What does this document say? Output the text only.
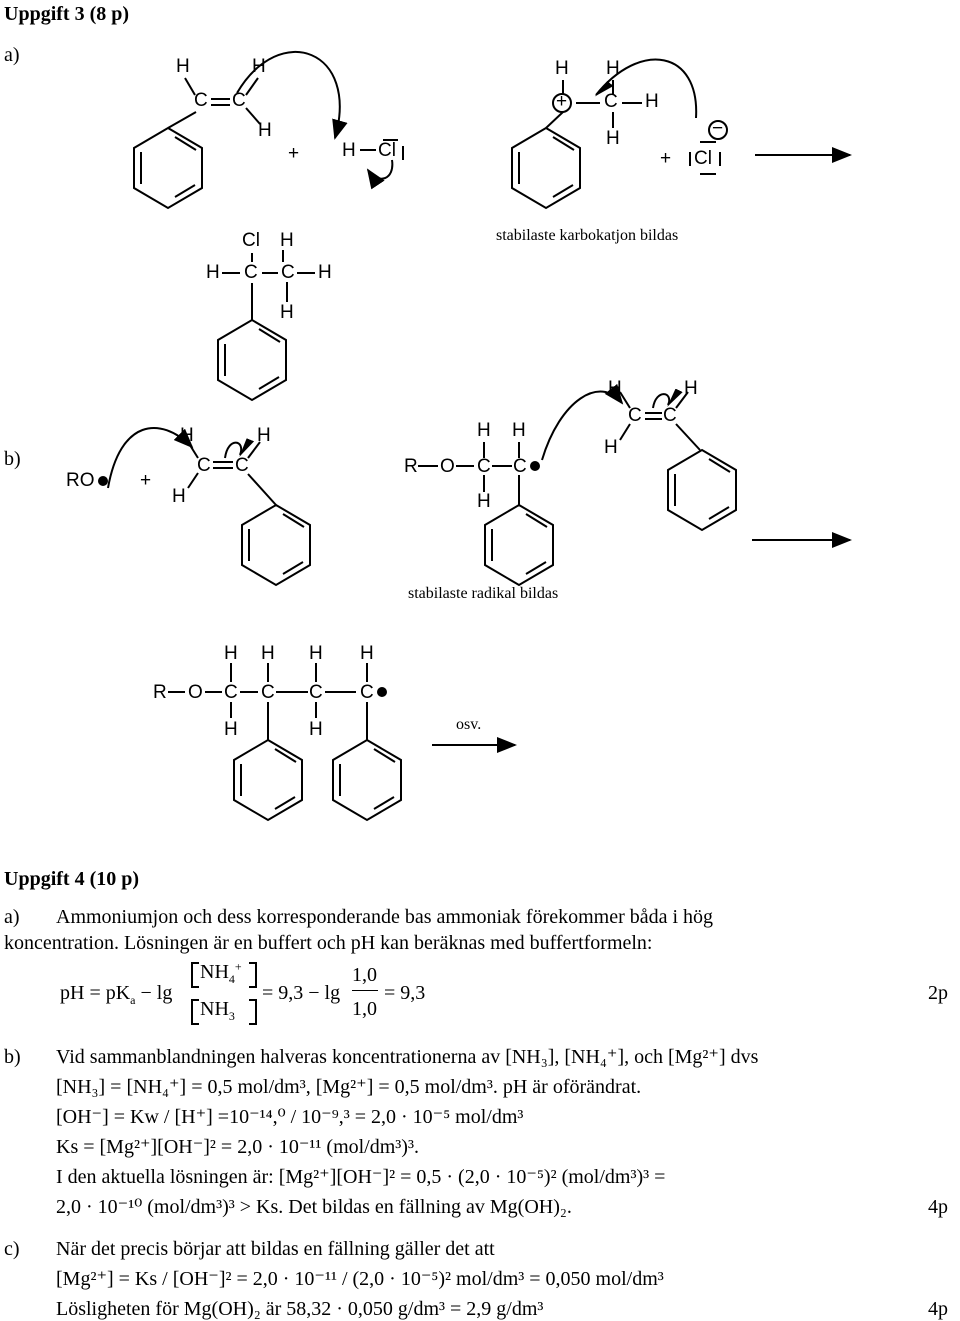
Uppgift 3 (8 p)
a)
H	H
C C
H
+ H Cl
H H
+ C H
H	−
+ Cl
stabilaste karbokatjon bildas
Cl H
H C C H
H
b)
RO +
H	H
C C
H
R O C C
H H
H
H	H
C C
H
stabilaste radikal bildas
R O C C C C
H H H H
H	H	osv.
Uppgift 4 (10 p)
a) Ammoniumjon och dess korresponderande bas ammoniak förekommer båda i hög
koncentration. Lösningen är en buffert och pH kan beräknas med buffertformeln:
pH = $pK_a - \lg$
$NH_4^+$
$NH_3$
= 9,3 − lg
1,0
1,0
= 9,3	2p
b) Vid sammanblandningen halveras koncentrationerna av [NH₃], [NH₄⁺], och [Mg²⁺] dvs
[NH₃] = [NH₄⁺] = 0,5 mol/dm³, [Mg²⁺] = 0,5 mol/dm³. pH är oförändrat.
[OH⁻] = Kw / [H⁺] =10⁻¹⁴,⁰ / 10⁻⁹,³ = 2,0 · 10⁻⁵ mol/dm³
Ks = [Mg²⁺][OH⁻]² = 2,0 · 10⁻¹¹ (mol/dm³)³.
I den aktuella lösningen är: [Mg²⁺][OH⁻]² = 0,5 · (2,0 · 10⁻⁵)² (mol/dm³)³ =
2,0 · 10⁻¹⁰ (mol/dm³)³ > Ks. Det bildas en fällning av Mg(OH)₂.	4p
c) När det precis börjar att bildas en fällning gäller det att
[Mg²⁺] = Ks / [OH⁻]² = 2,0 · 10⁻¹¹ / (2,0 · 10⁻⁵)² mol/dm³ = 0,050 mol/dm³
Lösligheten för Mg(OH)₂ är 58,32 · 0,050 g/dm³ = 2,9 g/dm³	4p
